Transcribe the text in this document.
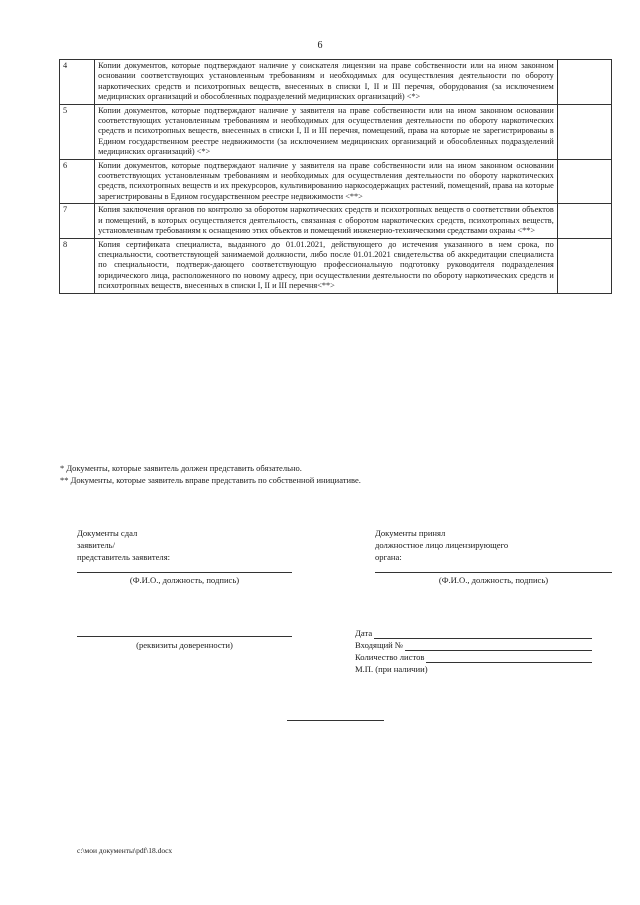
6
4	Копии документов, которые подтверждают наличие у соискателя лицензии на праве собственности или на ином законном основании соответствующих установленным требованиям и необходимых для осуществления деятельности по обороту наркотических средств и психотропных веществ, внесенных в списки I, II и III перечня, оборудования (за исключением медицинских организаций и обособленных подразделений медицинских организаций) <*>	
5	Копии документов, которые подтверждают наличие у заявителя на праве собственности или на ином законном основании соответствующих установленным требованиям и необходимых для осуществления деятельности по обороту наркотических средств и психотропных веществ, внесенных в списки I, II и III перечня, помещений, права на которые не зарегистрированы в Едином государственном реестре недвижимости (за исключением медицинских организаций и обособленных подразделений медицинских организаций) <*>	
6	Копии документов, которые подтверждают наличие у заявителя на праве собственности или на ином законном основании соответствующих установленным требованиям и необходимых для осуществления деятельности по обороту наркотических средств, психотропных веществ и их прекурсоров, культивированию наркосодержащих растений, помещений, права на которые зарегистрированы в Едином государственном реестре недвижимости <**>	
7	Копия заключения органов по контролю за оборотом наркотических средств и психотропных веществ о соответствии объектов и помещений, в которых осуществляется деятельность, связанная с оборотом наркотических средств, психотропных веществ, установленным требованиям к оснащению этих объектов и помещений инженерно-техническими средствами охраны <**>	
8	Копия сертификата специалиста, выданного до 01.01.2021, действующего до истечения указанного в нем срока, по специальности, соответствующей занимаемой должности, либо после 01.01.2021 свидетельства об аккредитации специалиста по специальности, подтверж-дающего соответствующую профессиональную подготовку руководителя подразделения юридического лица, расположенного по новому адресу, при осуществлении деятельности по обороту наркотических средств и психотропных веществ, внесенных в списки I, II и III перечня<**>	
* Документы, которые заявитель должен представить обязательно.
** Документы, которые заявитель вправе представить по собственной инициативе.
Документы сдал
заявитель/
представитель заявителя:
(Ф.И.О., должность, подпись)
(реквизиты доверенности)
Документы принял
должностное лицо лицензирующего
органа:
(Ф.И.О., должность, подпись)
Дата
Входящий №
Количество листов
М.П. (при наличии)
c:\мои документы\pdf\18.docx
